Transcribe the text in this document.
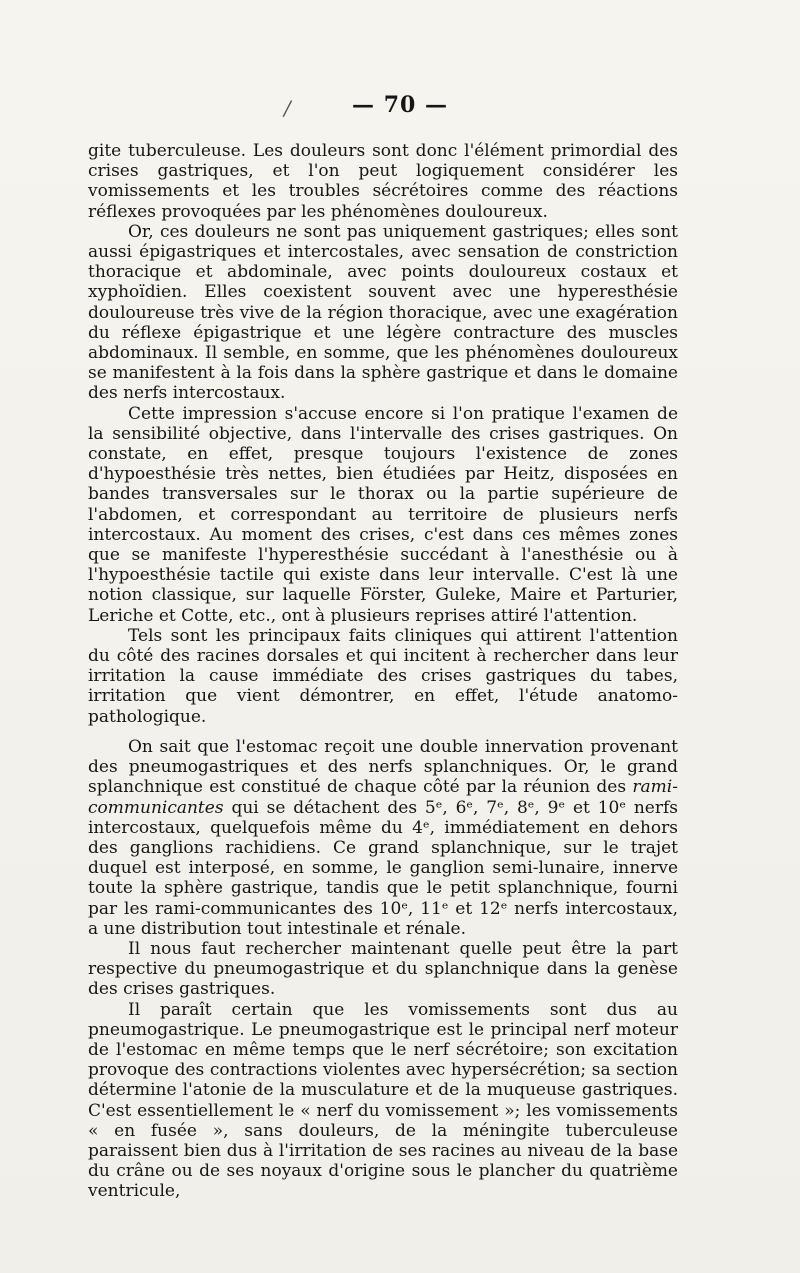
/	— 70 —

gite tuberculeuse. Les douleurs sont donc l'élément primordial des crises gastriques, et l'on peut logiquement considérer les vomissements et les troubles sécrétoires comme des réactions réflexes provoquées par les phénomènes douloureux.

Or, ces douleurs ne sont pas uniquement gastriques; elles sont aussi épigastriques et intercostales, avec sensation de constriction thoracique et abdominale, avec points douloureux costaux et xyphoïdien. Elles coexistent souvent avec une hyperesthésie douloureuse très vive de la région thoracique, avec une exagération du réflexe épigastrique et une légère contracture des muscles abdominaux. Il semble, en somme, que les phénomènes douloureux se manifestent à la fois dans la sphère gastrique et dans le domaine des nerfs intercostaux.

Cette impression s'accuse encore si l'on pratique l'examen de la sensibilité objective, dans l'intervalle des crises gastriques. On constate, en effet, presque toujours l'existence de zones d'hypoesthésie très nettes, bien étudiées par Heitz, disposées en bandes transversales sur le thorax ou la partie supérieure de l'abdomen, et correspondant au territoire de plusieurs nerfs intercostaux. Au moment des crises, c'est dans ces mêmes zones que se manifeste l'hyperesthésie succédant à l'anesthésie ou à l'hypoesthésie tactile qui existe dans leur intervalle. C'est là une notion classique, sur laquelle Förster, Guleke, Maire et Parturier, Leriche et Cotte, etc., ont à plusieurs reprises attiré l'attention.

Tels sont les principaux faits cliniques qui attirent l'attention du côté des racines dorsales et qui incitent à rechercher dans leur irritation la cause immédiate des crises gastriques du tabes, irritation que vient démontrer, en effet, l'étude anatomo-pathologique.

On sait que l'estomac reçoit une double innervation provenant des pneumogastriques et des nerfs splanchniques. Or, le grand splanchnique est constitué de chaque côté par la réunion des rami-communicantes qui se détachent des 5ᵉ, 6ᵉ, 7ᵉ, 8ᵉ, 9ᵉ et 10ᵉ nerfs intercostaux, quelquefois même du 4ᵉ, immédiatement en dehors des ganglions rachidiens. Ce grand splanchnique, sur le trajet duquel est interposé, en somme, le ganglion semi-lunaire, innerve toute la sphère gastrique, tandis que le petit splanchnique, fourni par les rami-communicantes des 10ᵉ, 11ᵉ et 12ᵉ nerfs intercostaux, a une distribution tout intestinale et rénale.

Il nous faut rechercher maintenant quelle peut être la part respective du pneumogastrique et du splanchnique dans la genèse des crises gastriques.

Il paraît certain que les vomissements sont dus au pneumogastrique. Le pneumogastrique est le principal nerf moteur de l'estomac en même temps que le nerf sécrétoire; son excitation provoque des contractions violentes avec hypersécrétion; sa section détermine l'atonie de la musculature et de la muqueuse gastriques. C'est essentiellement le « nerf du vomissement »; les vomissements « en fusée », sans douleurs, de la méningite tuberculeuse paraissent bien dus à l'irritation de ses racines au niveau de la base du crâne ou de ses noyaux d'origine sous le plancher du quatrième ventricule,
